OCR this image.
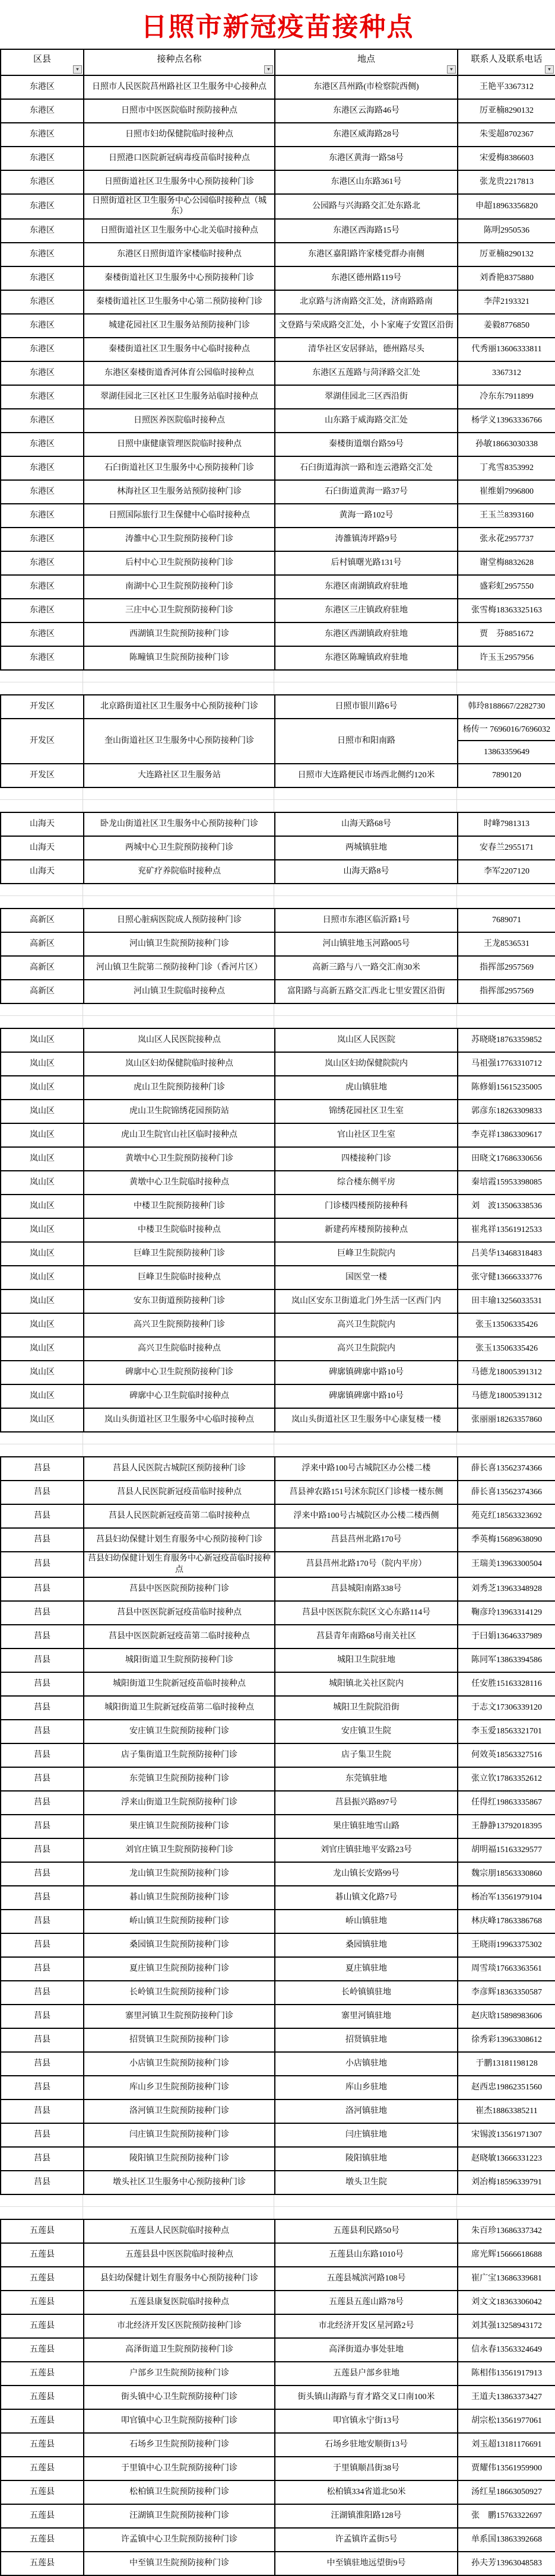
日照市新冠疫苗接种点
区县
▼
	接种点名称
▼
	地点
▼
	联系人及联系电话
▼
东港区	日照市人民医院莒州路社区卫生服务中心接种点	东港区莒州路(市检察院西侧)	王艳平3367312
东港区	日照市中医医院临时预防接种点	东港区云海路46号	厉亚楠8290132
东港区	日照市妇幼保健院临时接种点	东港区威海路28号	朱雯超8702367
东港区	日照港口医院新冠病毒疫苗临时接种点	东港区黄海一路58号	宋爱梅8386603
东港区	日照街道社区卫生服务中心预防接种门诊	东港区山东路361号	张龙贵2217813
东港区	日照街道社区卫生服务中心公园临时接种点（城东）	公园路与兴海路交汇处东路北	申超18963356820
东港区	日照街道社区卫生服务中心北关临时接种点	东港区西海路15号	陈明2950536
东港区	东港区日照街道许家楼临时接种点	东港区嘉阳路许家楼党群办南侧	厉亚楠8290132
东港区	秦楼街道社区卫生服务中心预防接种门诊	东港区德州路119号	刘香艳8375880
东港区	秦楼街道社区卫生服务中心第二预防接种门诊	北京路与济南路交汇处，济南路路南	李萍2193321
东港区	城建花园社区卫生服务站预防接种门诊	文登路与荣成路交汇处，小卜家庵子安置区沿街	姜毅8776850
东港区	秦楼街道社区卫生服务中心临时接种点	清华社区安居驿站，德州路尽头	代秀丽13606333811
东港区	东港区秦楼街道香河体育公园临时接种点	东港区五莲路与菏泽路交汇处	3367312
东港区	翠湖佳园北三区社区卫生服务站临时接种点	翠湖佳园北三区西沿街	冷东东7911899
东港区	日照医养医院临时接种点	山东路于威海路交汇处	杨学义13963336766
东港区	日照中康健康管理医院临时接种点	秦楼街道烟台路59号	孙敏18663030338
东港区	石臼街道社区卫生服务中心预防接种门诊	石臼街道海滨一路和连云港路交汇处	丁兆雪8353992
东港区	林海社区卫生服务站预防接种门诊	石臼街道黄海一路37号	崔维娟7996800
东港区	日照国际旅行卫生保健中心临时接种点	黄海一路102号	王玉兰8393160
东港区	涛雒中心卫生院预防接种门诊	涛雒镇涛坪路9号	张永花2957737
东港区	后村中心卫生院预防接种门诊	后村镇曙光路131号	谢堂梅8832628
东港区	南湖中心卫生院预防接种门诊	东港区南湖镇政府驻地	盛彩虹2957550
东港区	三庄中心卫生院预防接种门诊	东港区三庄镇政府驻地	张雪梅18363325163
东港区	西湖镇卫生院预防接种门诊	东港区西湖镇政府驻地	贾　芬8851672
东港区	陈疃镇卫生院预防接种门诊	东港区陈疃镇政府驻地	许玉玉2957956
开发区	北京路街道社区卫生服务中心预防接种门诊	日照市银川路6号	韩玲8188667/2282730
开发区	奎山街道社区卫生服务中心预防接种门诊	日照市和阳南路	杨传一 7696016/7696032
13863359649

开发区	大连路社区卫生服务站	日照市大连路便民市场西北侧约120米	7890120
山海天	卧龙山街道社区卫生服务中心预防接种门诊	山海天路68号	时峰7981313
山海天	两城中心卫生院预防接种门诊	两城镇驻地	安春兰2955171
山海天	兖矿疗养院临时接种点	山海天路8号	李军2207120
高新区	日照心脏病医院成人预防接种门诊	日照市东港区临沂路1号	7689071
高新区	河山镇卫生院预防接种门诊	河山镇驻地玉河路005号	王龙8536531
高新区	河山镇卫生院第二预防接种门诊（香河片区）	高新三路与八一路交汇南30米	指挥部2957569
高新区	河山镇卫生院临时接种点	富阳路与高新五路交汇西北七里安置区沿街	指挥部2957569
岚山区	岚山区人民医院接种点	岚山区人民医院	苏晓晓18763359852
岚山区	岚山区妇幼保健院临时接种点	岚山区妇幼保健院院内	马祖强17763310712
岚山区	虎山卫生院预防接种门诊	虎山镇驻地	陈修娟15615235005
岚山区	虎山卫生院锦绣花园预防站	锦绣花园社区卫生室	郭彦东18263309833
岚山区	虎山卫生院官山社区临时接种点	官山社区卫生室	李克祥13863309617
岚山区	黄墩中心卫生院预防接种门诊	四楼接种门诊	田晓文17686330656
岚山区	黄墩中心卫生院临时接种点	综合楼东侧平房	秦培霞15953398085
岚山区	中楼卫生院预防接种门诊	门诊楼四楼预防接种科	刘　波13506338536
岚山区	中楼卫生院临时接种点	新建药库楼预防接种点	崔兆祥13561912533
岚山区	巨峰卫生院预防接种门诊	巨峰卫生院院内	吕美华13468318483
岚山区	巨峰卫生院临时接种点	国医堂一楼	张守健13666333776
岚山区	安东卫街道预防接种门诊	岚山区安东卫街道北门外生活一区西门内	田丰瑜13256033531
岚山区	高兴卫生院预防接种门诊	高兴卫生院院内	张玉13506335426
岚山区	高兴卫生院临时接种点	高兴卫生院院内	张玉13506335426
岚山区	碑廓中心卫生院预防接种门诊	碑廓镇碑廓中路10号	马德龙18005391312
岚山区	碑廓中心卫生院临时接种点	碑廓镇碑廓中路10号	马德龙18005391312
岚山区	岚山头街道社区卫生服务中心临时接种点	岚山头街道社区卫生服务中心康复楼一楼	张丽丽18263357860
莒县	莒县人民医院古城院区预防接种门诊	浮来中路100号古城院区办公楼二楼	薛长喜13562374366
莒县	莒县人民医院新冠疫苗临时接种点	莒县神农路151号沭东院区门诊楼一楼东侧	薛长喜13562374366
莒县	莒县人民医院新冠疫苗第二临时接种点	浮来中路100号古城院区办公楼二楼西侧	苑克红18563323692
莒县	莒县妇幼保健计划生育服务中心预防接种门诊	莒县莒州北路170号	季英梅15689638090
莒县	莒县妇幼保健计划生育服务中心新冠疫苗临时接种点	莒县莒州北路170号（院内平房）	王瑞美13963300504
莒县	莒县中医医院预防接种门诊	莒县城阳南路338号	刘秀芝13963348928
莒县	莒县中医医院新冠疫苗临时接种点	莒县中医医院东院区文心东路114号	鞠彦玲13963314129
莒县	莒县中医医院新冠疫苗第二临时接种点	莒县青年南路68号南关社区	于曰娟13646337989
莒县	城阳街道卫生院预防接种门诊	城阳卫生院驻地	陈同军13863394586
莒县	城阳街道卫生院新冠疫苗临时接种点	城阳镇北关社区院内	任安胜15163328116
莒县	城阳街道卫生院新冠疫苗第二临时接种点	城阳卫生院院沿街	于志文17306339120
莒县	安庄镇卫生院预防接种门诊	安庄镇卫生院	李玉爱18563321701
莒县	店子集街道卫生院预防接种门诊	店子集卫生院	何效英18563327516
莒县	东莞镇卫生院预防接种门诊	东莞镇驻地	张立钦17863352612
莒县	浮来山街道卫生院预防接种门诊	莒县振兴路897号	任得红19863335867
莒县	果庄镇卫生院预防接种门诊	果庄镇驻地雪山路	王静静13792018395
莒县	刘官庄镇卫生院预防接种门诊	刘官庄镇驻地平安路23号	胡明福15163329577
莒县	龙山镇卫生院预防接种门诊	龙山镇长安路99号	魏宗朋18563330860
莒县	碁山镇卫生院预防接种门诊	碁山镇文化路7号	杨冶军13561979104
莒县	峤山镇卫生院预防接种门诊	峤山镇驻地	林庆峰17863386768
莒县	桑园镇卫生院预防接种门诊	桑园镇驻地	王晓雨19963375302
莒县	夏庄镇卫生院预防接种门诊	夏庄镇驻地	周雪琰17663363561
莒县	长岭镇卫生院预防接种门诊	长岭镇镇驻地	李彦辉18363350587
莒县	寨里河镇卫生院预防接种门诊	寨里河镇驻地	赵庆晗15898983606
莒县	招贤镇卫生院预防接种门诊	招贤镇驻地	徐秀彩13963308612
莒县	小店镇卫生院预防接种门诊	小店镇驻地	于鹏13181198128
莒县	库山乡卫生院预防接种门诊	库山乡驻地	赵西忠19862351560
莒县	洛河镇卫生院预防接种门诊	洛河镇驻地	崔杰18863385211
莒县	闫庄镇卫生院预防接种门诊	闫庄镇驻地	宋锡波13561971307
莒县	陵阳镇卫生院预防接种门诊	陵阳镇驻地	赵晓敏13666331223
莒县	墩头社区卫生服务中心预防接种门诊	墩头卫生院	刘冶梅18596339791
五莲县	五莲县人民医院临时接种点	五莲县利民路50号	朱百珍13686337342
五莲县	五莲县县中医医院临时接种点	五莲县山东路1010号	席光辉15666618688
五莲县	县妇幼保健计划生育服务中心预防接种门诊	五莲县城滨河路108号	崔广宝13686339681
五莲县	五莲县康复医院临时接种点	五莲县五莲山路78号	刘文文18363306042
五莲县	市北经济开发区医院预防接种门诊	市北经济开发区星河路2号	刘其强13258943172
五莲县	高泽街道卫生院预防接种门诊	高泽街道办事处驻地	信永春13563324649
五莲县	户部乡卫生院预防接种门诊	五莲县户部乡驻地	陈相伟13561917913
五莲县	街头镇中心卫生院预防接种门诊	街头镇山海路与育才路交叉口南100米	王道夫13863373427
五莲县	叩官镇中心卫生院预防接种门诊	叩官镇永宁街13号	胡宗松13561977061
五莲县	石场乡卫生院预防接种门诊	石场乡驻地安顺街13号	刘玉超13181176691
五莲县	于里镇中心卫生院预防接种门诊	于里镇顺昌街38号	贾耀伟13561959900
五莲县	松柏镇卫生院预防接种门诊	松柏镇334省道北50米	汤红星18663050927
五莲县	汪湖镇卫生院预防接种门诊	汪湖镇淮阳路128号	张　鹏15763322697
五莲县	许孟镇中心卫生院预防接种门诊	许孟镇许孟街5号	单系国13863392668
五莲县	中至镇卫生院预防接种门诊	中至镇驻地远望街9号	孙夫芳13963048583
